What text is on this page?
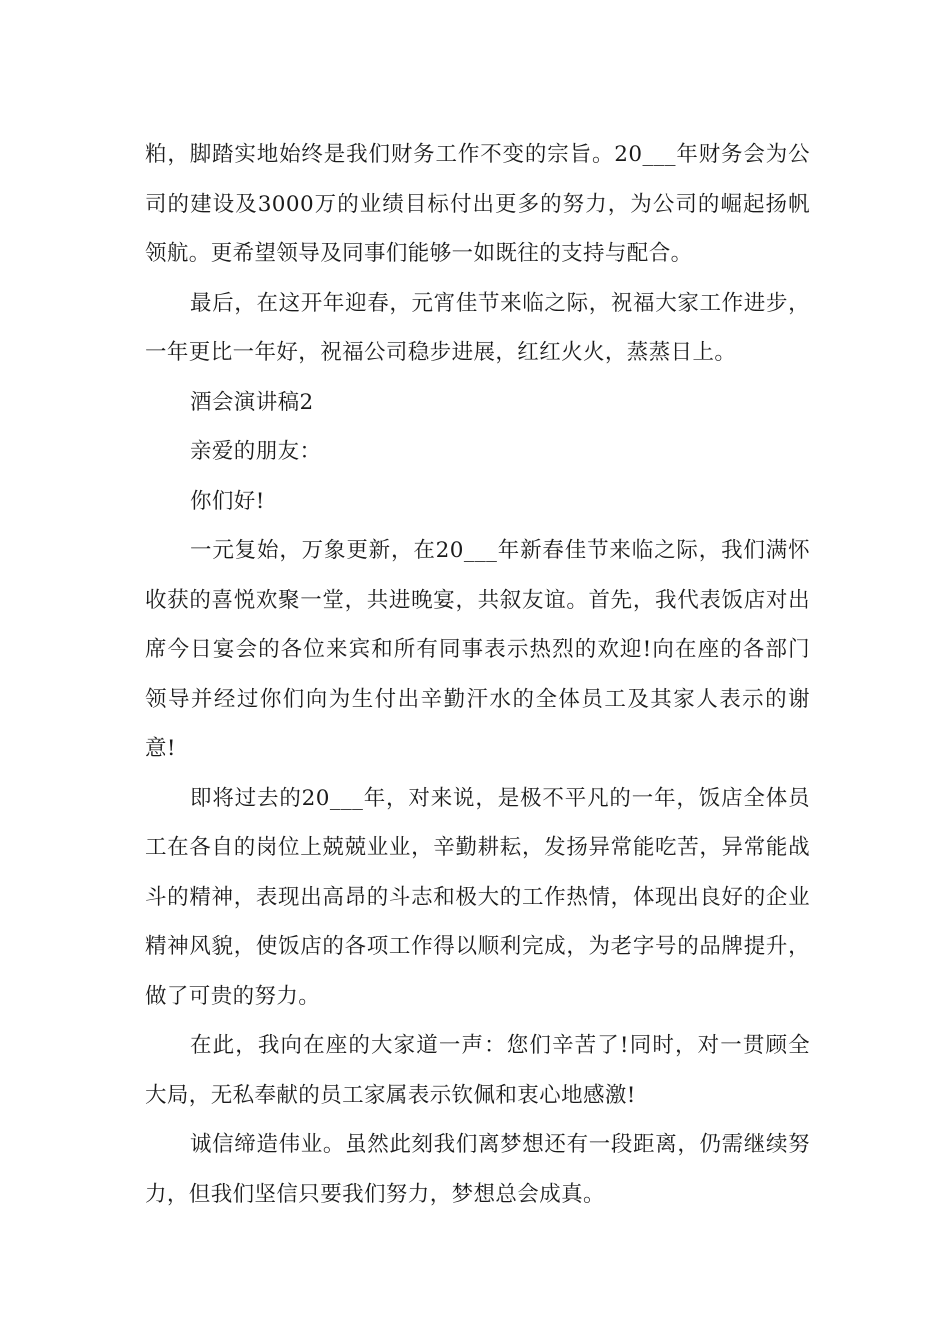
粕，脚踏实地始终是我们财务工作不变的宗旨。20___年财务会为公司的建设及3000万的业绩目标付出更多的努力，为公司的崛起扬帆领航。更希望领导及同事们能够一如既往的支持与配合。

最后，在这开年迎春，元宵佳节来临之际，祝福大家工作进步，一年更比一年好，祝福公司稳步进展，红红火火，蒸蒸日上。

酒会演讲稿2

亲爱的朋友：

你们好!

一元复始，万象更新，在20___年新春佳节来临之际，我们满怀收获的喜悦欢聚一堂，共进晚宴，共叙友谊。首先，我代表饭店对出席今日宴会的各位来宾和所有同事表示热烈的欢迎!向在座的各部门领导并经过你们向为生付出辛勤汗水的全体员工及其家人表示的谢意!

即将过去的20___年，对来说，是极不平凡的一年，饭店全体员工在各自的岗位上兢兢业业，辛勤耕耘，发扬异常能吃苦，异常能战斗的精神，表现出高昂的斗志和极大的工作热情，体现出良好的企业精神风貌，使饭店的各项工作得以顺利完成，为老字号的品牌提升，做了可贵的努力。

在此，我向在座的大家道一声：您们辛苦了!同时，对一贯顾全大局，无私奉献的员工家属表示钦佩和衷心地感激!

诚信缔造伟业。虽然此刻我们离梦想还有一段距离，仍需继续努力，但我们坚信只要我们努力，梦想总会成真。
